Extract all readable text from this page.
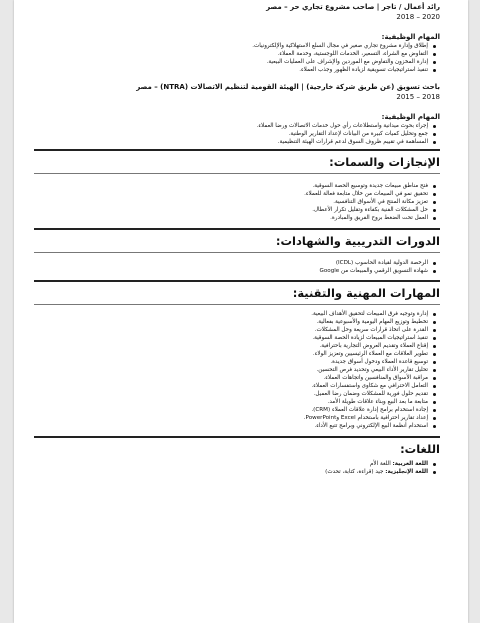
رائد أعمال / تاجر | صاحب مشروع تجاري حر – مصر
2020 – 2018
المهام الوظيفية:
إطلاق وإدارة مشروع تجاري صغير في مجال السلع الاستهلاكية والإلكترونيات.
التفاوض مع الشراء، التسعير، الخدمات اللوجستية، وخدمة العملاء.
إدارة المخزون والتفاوض مع الموردين والإشراف على العمليات البيعية.
تنفيذ استراتيجيات تسويقية لزيادة الظهور وجذب العملاء.
باحث تسويق (عن طريق شركة خارجية) | الهيئة القومية لتنظيم الاتصالات (NTRA) – مصر
2018 – 2015
المهام الوظيفية:
إجراء بحوث ميدانية واستطلاعات رأي حول خدمات الاتصالات ورضا العملاء.
جمع وتحليل كميات كبيرة من البيانات لإعداد التقارير الوطنية.
المساهمة في تقييم ظروف السوق لدعم قرارات الهيئة التنظيمية.
الإنجازات والسمات:
فتح مناطق مبيعات جديدة وتوسيع الحصة السوقية.
تحقيق نمو في المبيعات من خلال متابعة فعالة للعملاء.
تعزيز مكانة المنتج في الأسواق التنافسية.
حل المشكلات الفنية بكفاءة وتقليل تكرار الأعطال.
العمل تحت الضغط بروح الفريق والمبادرة.
الدورات التدريبية والشهادات:
الرخصة الدولية لقيادة الحاسوب (ICDL)
شهادة التسويق الرقمي والمبيعات من Google
المهارات المهنية والتقنية:
إدارة وتوجيه فرق المبيعات لتحقيق الأهداف البيعية.
تخطيط وتوزيع المهام اليومية والأسبوعية بفعالية.
القدرة على اتخاذ قرارات سريعة وحل المشكلات.
تنفيذ استراتيجيات المبيعات لزيادة الحصة السوقية.
إقناع العملاء وتقديم العروض التجارية باحترافية.
تطوير العلاقات مع العملاء الرئيسيين وتعزيز الولاء.
توسيع قاعدة العملاء ودخول أسواق جديدة.
تحليل تقارير الأداء البيعي وتحديد فرص التحسين.
مراقبة الأسواق والمنافسين واتجاهات العملاء.
التعامل الاحترافي مع شكاوى واستفسارات العملاء.
تقديم حلول فورية للمشكلات وضمان رضا العميل.
متابعة ما بعد البيع وبناء علاقات طويلة الأمد.
إجادة استخدام برامج إدارة علاقات العملاء (CRM).
إعداد تقارير احترافية باستخدام Excel وPowerPoint.
استخدام أنظمة البيع الإلكتروني وبرامج تتبع الأداء.
اللغات:
اللغة العربية: اللغة الأم
اللغة الإنجليزية: جيد (قراءة، كتابة، تحدث)
